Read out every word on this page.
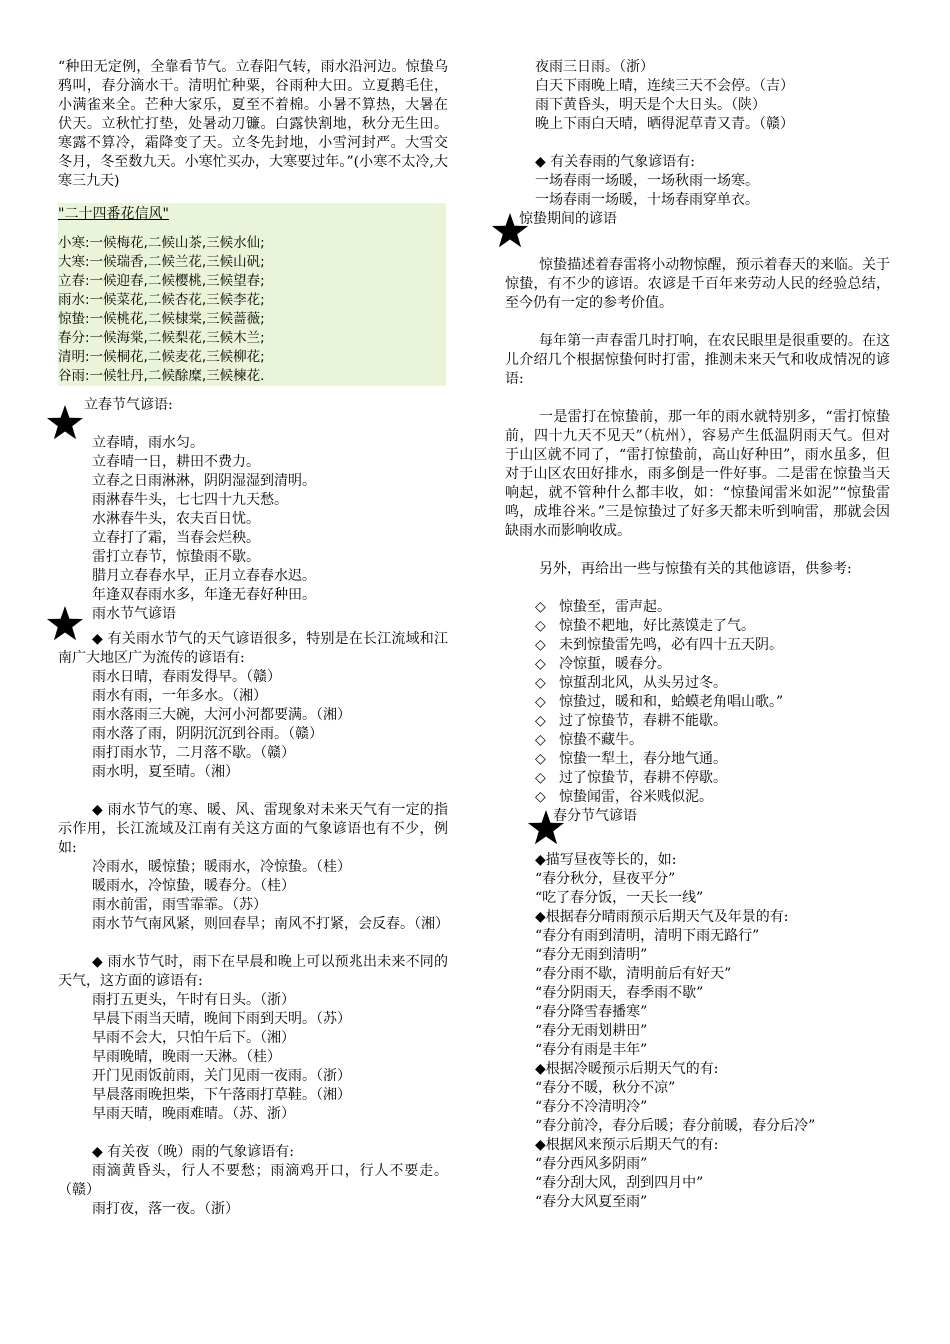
“种田无定例，全靠看节气。立春阳气转，雨水沿河边。惊蛰乌鸦叫，春分滴水干。清明忙种粟，谷雨种大田。立夏鹅毛住，小满雀来全。芒种大家乐，夏至不着棉。小暑不算热，大暑在伏天。立秋忙打垫，处暑动刀镰。白露快割地，秋分无生田。寒露不算冷，霜降变了天。立冬先封地，小雪河封严。大雪交冬月，冬至数九天。小寒忙买办，大寒要过年。”(小寒不太冷,大寒三九天)

"二十四番花信风"
小寒:一候梅花,二候山茶,三候水仙;
大寒:一候瑞香,二候兰花,三候山矾;
立春:一候迎春,二候樱桃,三候望春;
雨水:一候菜花,二候杏花,三候李花;
惊蛰:一候桃花,二候棣棠,三候蔷薇;
春分:一候海棠,二候梨花,三候木兰;
清明:一候桐花,二候麦花,三候柳花;
谷雨:一候牡丹,二候酴糜,三候楝花.

立春节气谚语:

立春晴，雨水匀。
立春晴一日，耕田不费力。
立春之日雨淋淋，阴阴湿湿到清明。
雨淋春牛头，七七四十九天愁。
水淋春牛头，农夫百日忧。
立春打了霜，当春会烂秧。
雷打立春节，惊蛰雨不歇。
腊月立春春水早，正月立春春水迟。
年逢双春雨水多，年逢无春好种田。

雨水节气谚语

◆ 有关雨水节气的天气谚语很多，特别是在长江流域和江南广大地区广为流传的谚语有:

雨水日晴，春雨发得早。（赣）
雨水有雨，一年多水。（湘）
雨水落雨三大碗，大河小河都要满。（湘）
雨水落了雨，阴阴沉沉到谷雨。（赣）
雨打雨水节，二月落不歇。（赣）
雨水明，夏至晴。（湘）

◆ 雨水节气的寒、暖、风、雷现象对未来天气有一定的指示作用，长江流域及江南有关这方面的气象谚语也有不少，例如:

冷雨水，暖惊蛰；暖雨水，冷惊蛰。（桂）
暖雨水，冷惊蛰，暖春分。（桂）
雨水前雷，雨雪霏霏。（苏）

雨水节气南风紧，则回春旱；南风不打紧，会反春。（湘）

◆ 雨水节气时，雨下在早晨和晚上可以预兆出未来不同的天气，这方面的谚语有:

雨打五更头，午时有日头。（浙）
早晨下雨当天晴，晚间下雨到天明。（苏）
早雨不会大，只怕午后下。（湘）
早雨晚晴，晚雨一天淋。（桂）
开门见雨饭前雨，关门见雨一夜雨。（浙）
早晨落雨晚担柴，下午落雨打草鞋。（湘）
早雨天晴，晚雨难晴。（苏、浙）

◆ 有关夜（晚）雨的气象谚语有:

雨滴黄昏头，行人不要愁；雨滴鸡开口，行人不要走。（赣）

雨打夜，落一夜。（浙）

夜雨三日雨。（浙）
白天下雨晚上晴，连续三天不会停。（吉）
雨下黄昏头，明天是个大日头。（陕）
晚上下雨白天晴，晒得泥草青又青。（赣）

◆ 有关春雨的气象谚语有:

一场春雨一场暖，一场秋雨一场寒。
一场春雨一场暖，十场春雨穿单衣。

惊蛰期间的谚语

惊蛰描述着春雷将小动物惊醒，预示着春天的来临。关于惊蛰，有不少的谚语。农谚是千百年来劳动人民的经验总结，至今仍有一定的参考价值。

每年第一声春雷几时打响，在农民眼里是很重要的。在这儿介绍几个根据惊蛰何时打雷，推测未来天气和收成情况的谚语:

一是雷打在惊蛰前，那一年的雨水就特别多，“雷打惊蛰前，四十九天不见天”（杭州），容易产生低温阴雨天气。但对于山区就不同了，“雷打惊蛰前，高山好种田”，雨水虽多，但对于山区农田好排水，雨多倒是一件好事。二是雷在惊蛰当天响起，就不管种什么都丰收，如：“惊蛰闻雷米如泥”“惊蛰雷鸣，成堆谷米。”三是惊蛰过了好多天都未听到响雷，那就会因缺雨水而影响收成。

另外，再给出一些与惊蛰有关的其他谚语，供参考:

◇ 惊蛰至，雷声起。
◇ 惊蛰不耙地，好比蒸馍走了气。
◇ 未到惊蛰雷先鸣，必有四十五天阴。
◇ 冷惊蜇，暖春分。
◇ 惊蜇刮北风，从头另过冬。
◇ 惊蛰过，暖和和，蛤蟆老角唱山歌。”
◇ 过了惊蛰节，春耕不能歇。
◇ 惊蛰不藏牛。
◇ 惊蛰一犁土，春分地气通。
◇ 过了惊蛰节，春耕不停歇。
◇ 惊蛰闻雷，谷米贱似泥。

春分节气谚语

◆描写昼夜等长的，如:
“春分秋分，昼夜平分”
“吃了春分饭，一天长一线”
◆根据春分晴雨预示后期天气及年景的有:
“春分有雨到清明，清明下雨无路行”
“春分无雨到清明”
“春分雨不歇，清明前后有好天”
“春分阴雨天，春季雨不歇”
“春分降雪春播寒”
“春分无雨划耕田”
“春分有雨是丰年”
◆根据冷暖预示后期天气的有:
“春分不暖，秋分不凉”
“春分不冷清明冷”
“春分前冷，春分后暖；春分前暖，春分后冷”
◆根据风来预示后期天气的有:
“春分西风多阴雨”
“春分刮大风，刮到四月中”
“春分大风夏至雨”
